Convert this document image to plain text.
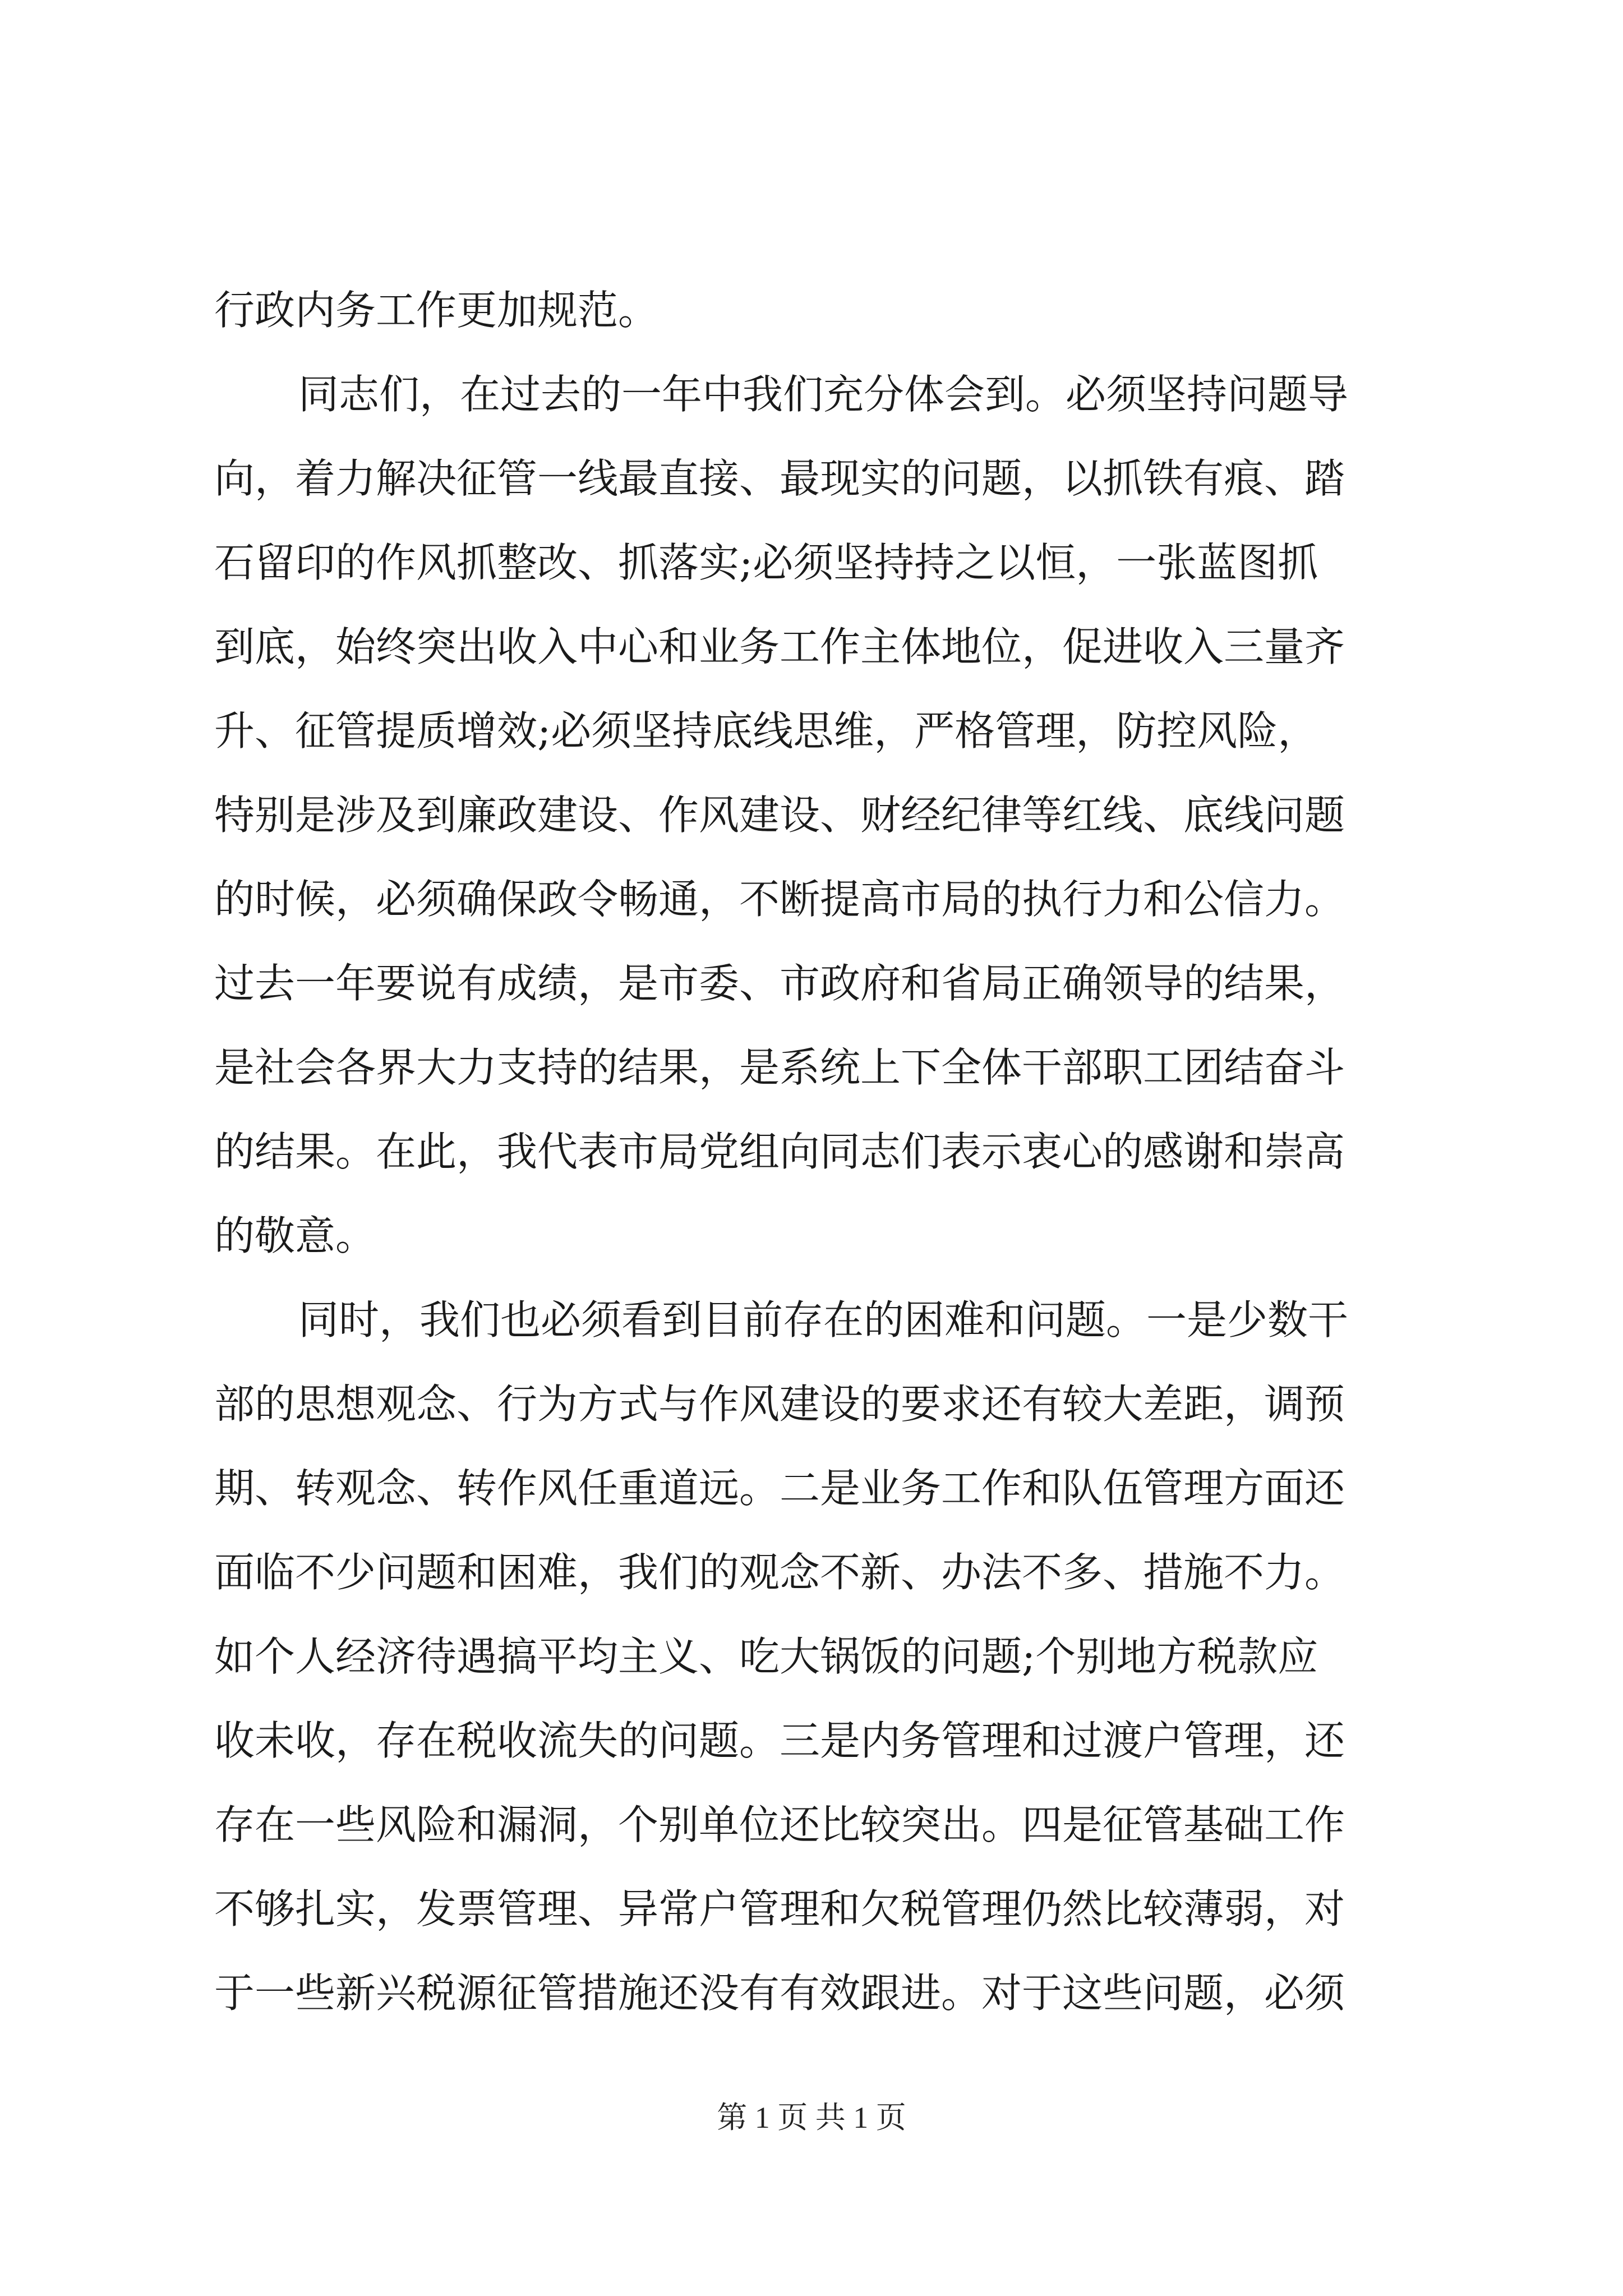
行政内务工作更加规范。
同志们，在过去的一年中我们充分体会到。必须坚持问题导
向，着力解决征管一线最直接、最现实的问题，以抓铁有痕、踏
石留印的作风抓整改、抓落实;必须坚持持之以恒，一张蓝图抓
到底，始终突出收入中心和业务工作主体地位，促进收入三量齐
升、征管提质增效;必须坚持底线思维，严格管理，防控风险，
特别是涉及到廉政建设、作风建设、财经纪律等红线、底线问题
的时候，必须确保政令畅通，不断提高市局的执行力和公信力。
过去一年要说有成绩，是市委、市政府和省局正确领导的结果，
是社会各界大力支持的结果，是系统上下全体干部职工团结奋斗
的结果。在此，我代表市局党组向同志们表示衷心的感谢和崇高
的敬意。
同时，我们也必须看到目前存在的困难和问题。一是少数干
部的思想观念、行为方式与作风建设的要求还有较大差距，调预
期、转观念、转作风任重道远。二是业务工作和队伍管理方面还
面临不少问题和困难，我们的观念不新、办法不多、措施不力。
如个人经济待遇搞平均主义、吃大锅饭的问题;个别地方税款应
收未收，存在税收流失的问题。三是内务管理和过渡户管理，还
存在一些风险和漏洞，个别单位还比较突出。四是征管基础工作
不够扎实，发票管理、异常户管理和欠税管理仍然比较薄弱，对
于一些新兴税源征管措施还没有有效跟进。对于这些问题，必须
第 1 页 共 1 页
